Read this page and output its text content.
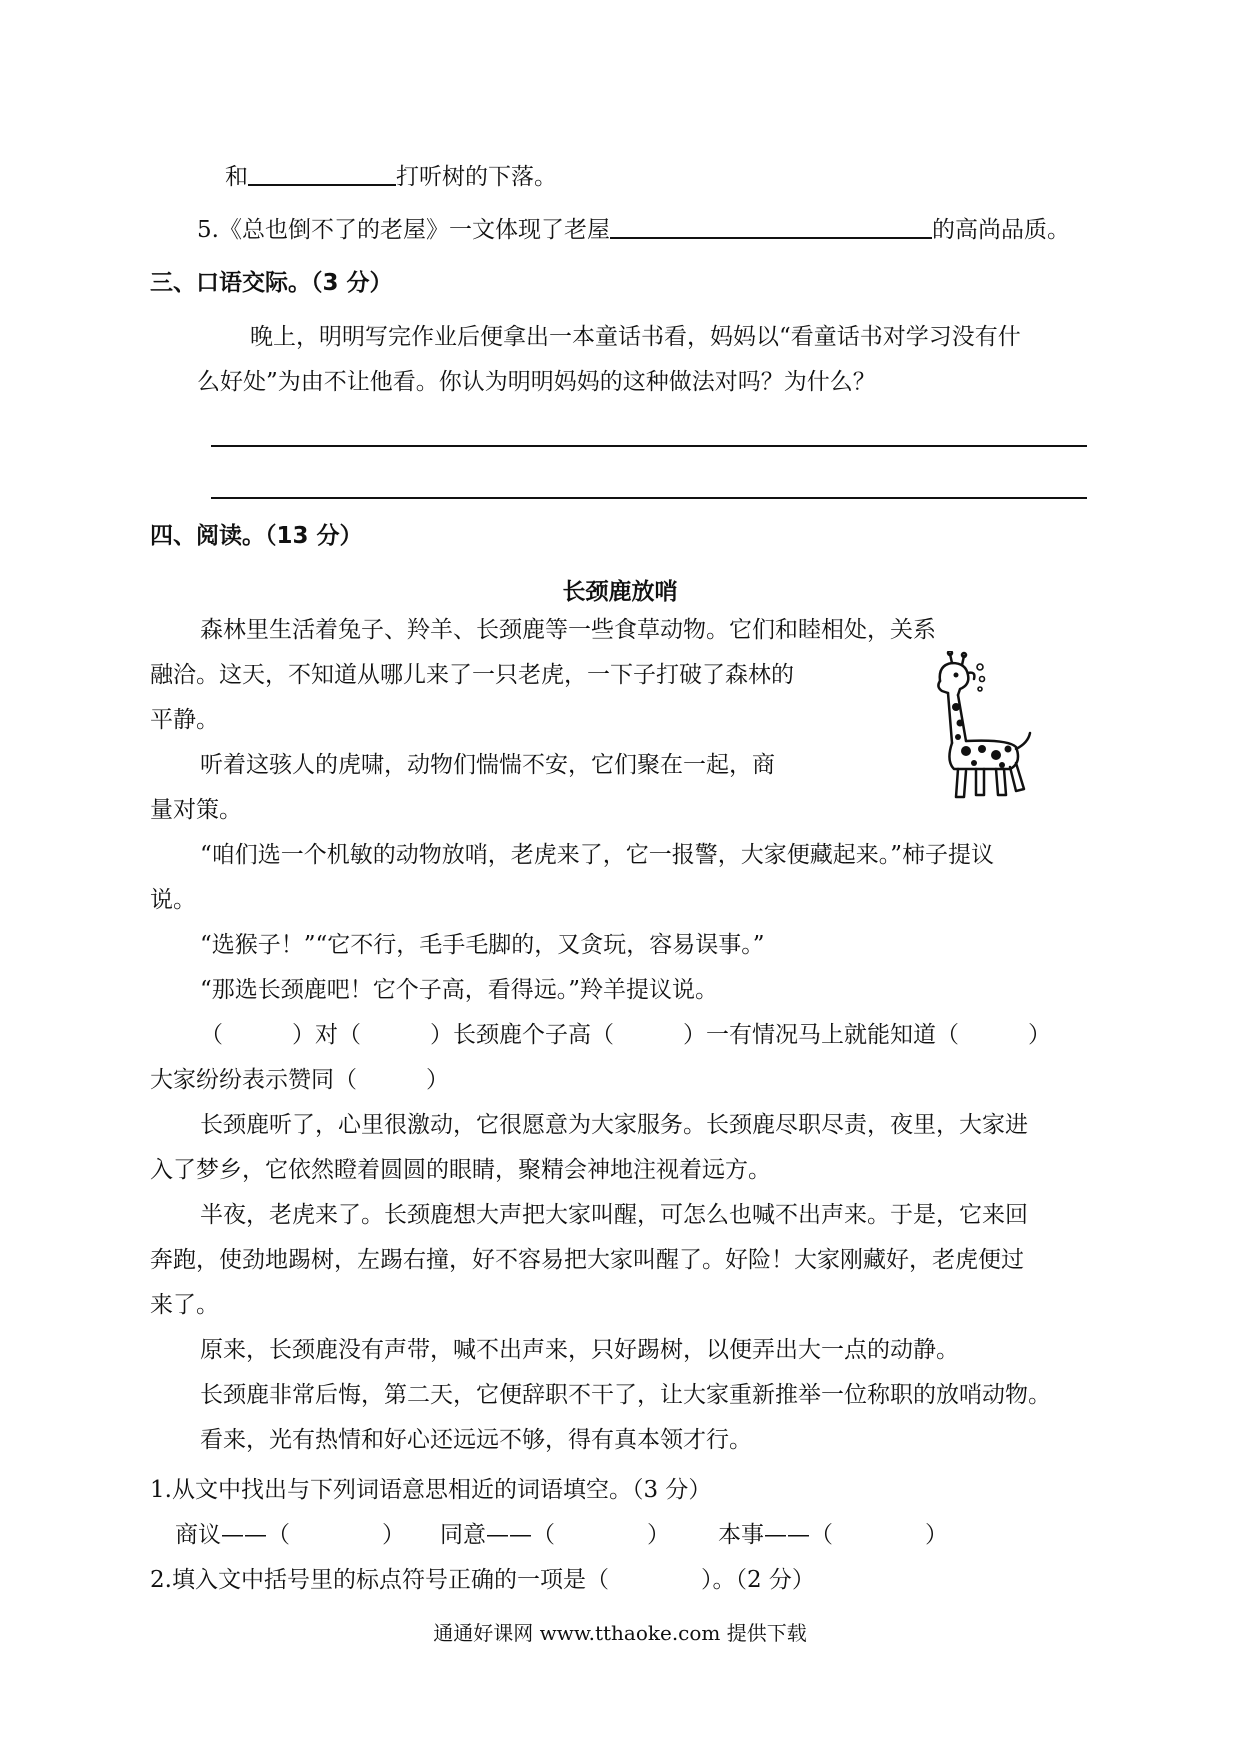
和	打听树的下落。
5.《总也倒不了的老屋》一文体现了老屋	的高尚品质。
三、口语交际。（3 分）
晚上，明明写完作业后便拿出一本童话书看，妈妈以“看童话书对学习没有什
么好处”为由不让他看。你认为明明妈妈的这种做法对吗？为什么？
四、阅读。（13 分）
长颈鹿放哨
森林里生活着兔子、羚羊、长颈鹿等一些食草动物。它们和睦相处，关系
融洽。这天，不知道从哪儿来了一只老虎，一下子打破了森林的
平静。
听着这骇人的虎啸，动物们惴惴不安，它们聚在一起，商
量对策。
“咱们选一个机敏的动物放哨，老虎来了，它一报警，大家便藏起来。”柿子提议
说。
“选猴子！”“它不行，毛手毛脚的，又贪玩，容易误事。”
“那选长颈鹿吧！它个子高，看得远。”羚羊提议说。
（　　　）对（　　　）长颈鹿个子高（　　　）一有情况马上就能知道（　　　）
大家纷纷表示赞同（　　　）
长颈鹿听了，心里很激动，它很愿意为大家服务。长颈鹿尽职尽责，夜里，大家进
入了梦乡，它依然瞪着圆圆的眼睛，聚精会神地注视着远方。
半夜，老虎来了。长颈鹿想大声把大家叫醒，可怎么也喊不出声来。于是，它来回
奔跑，使劲地踢树，左踢右撞，好不容易把大家叫醒了。好险！大家刚藏好，老虎便过
来了。
原来，长颈鹿没有声带，喊不出声来，只好踢树，以便弄出大一点的动静。
长颈鹿非常后悔，第二天，它便辞职不干了，让大家重新推举一位称职的放哨动物。
看来，光有热情和好心还远远不够，得有真本领才行。
1.从文中找出与下列词语意思相近的词语填空。（3 分）
商议——（　　　　） 同意——（　　　　） 本事——（　　　　）
2.填入文中括号里的标点符号正确的一项是（　　　　）。（2 分）
通通好课网 www.tthaoke.com 提供下载
